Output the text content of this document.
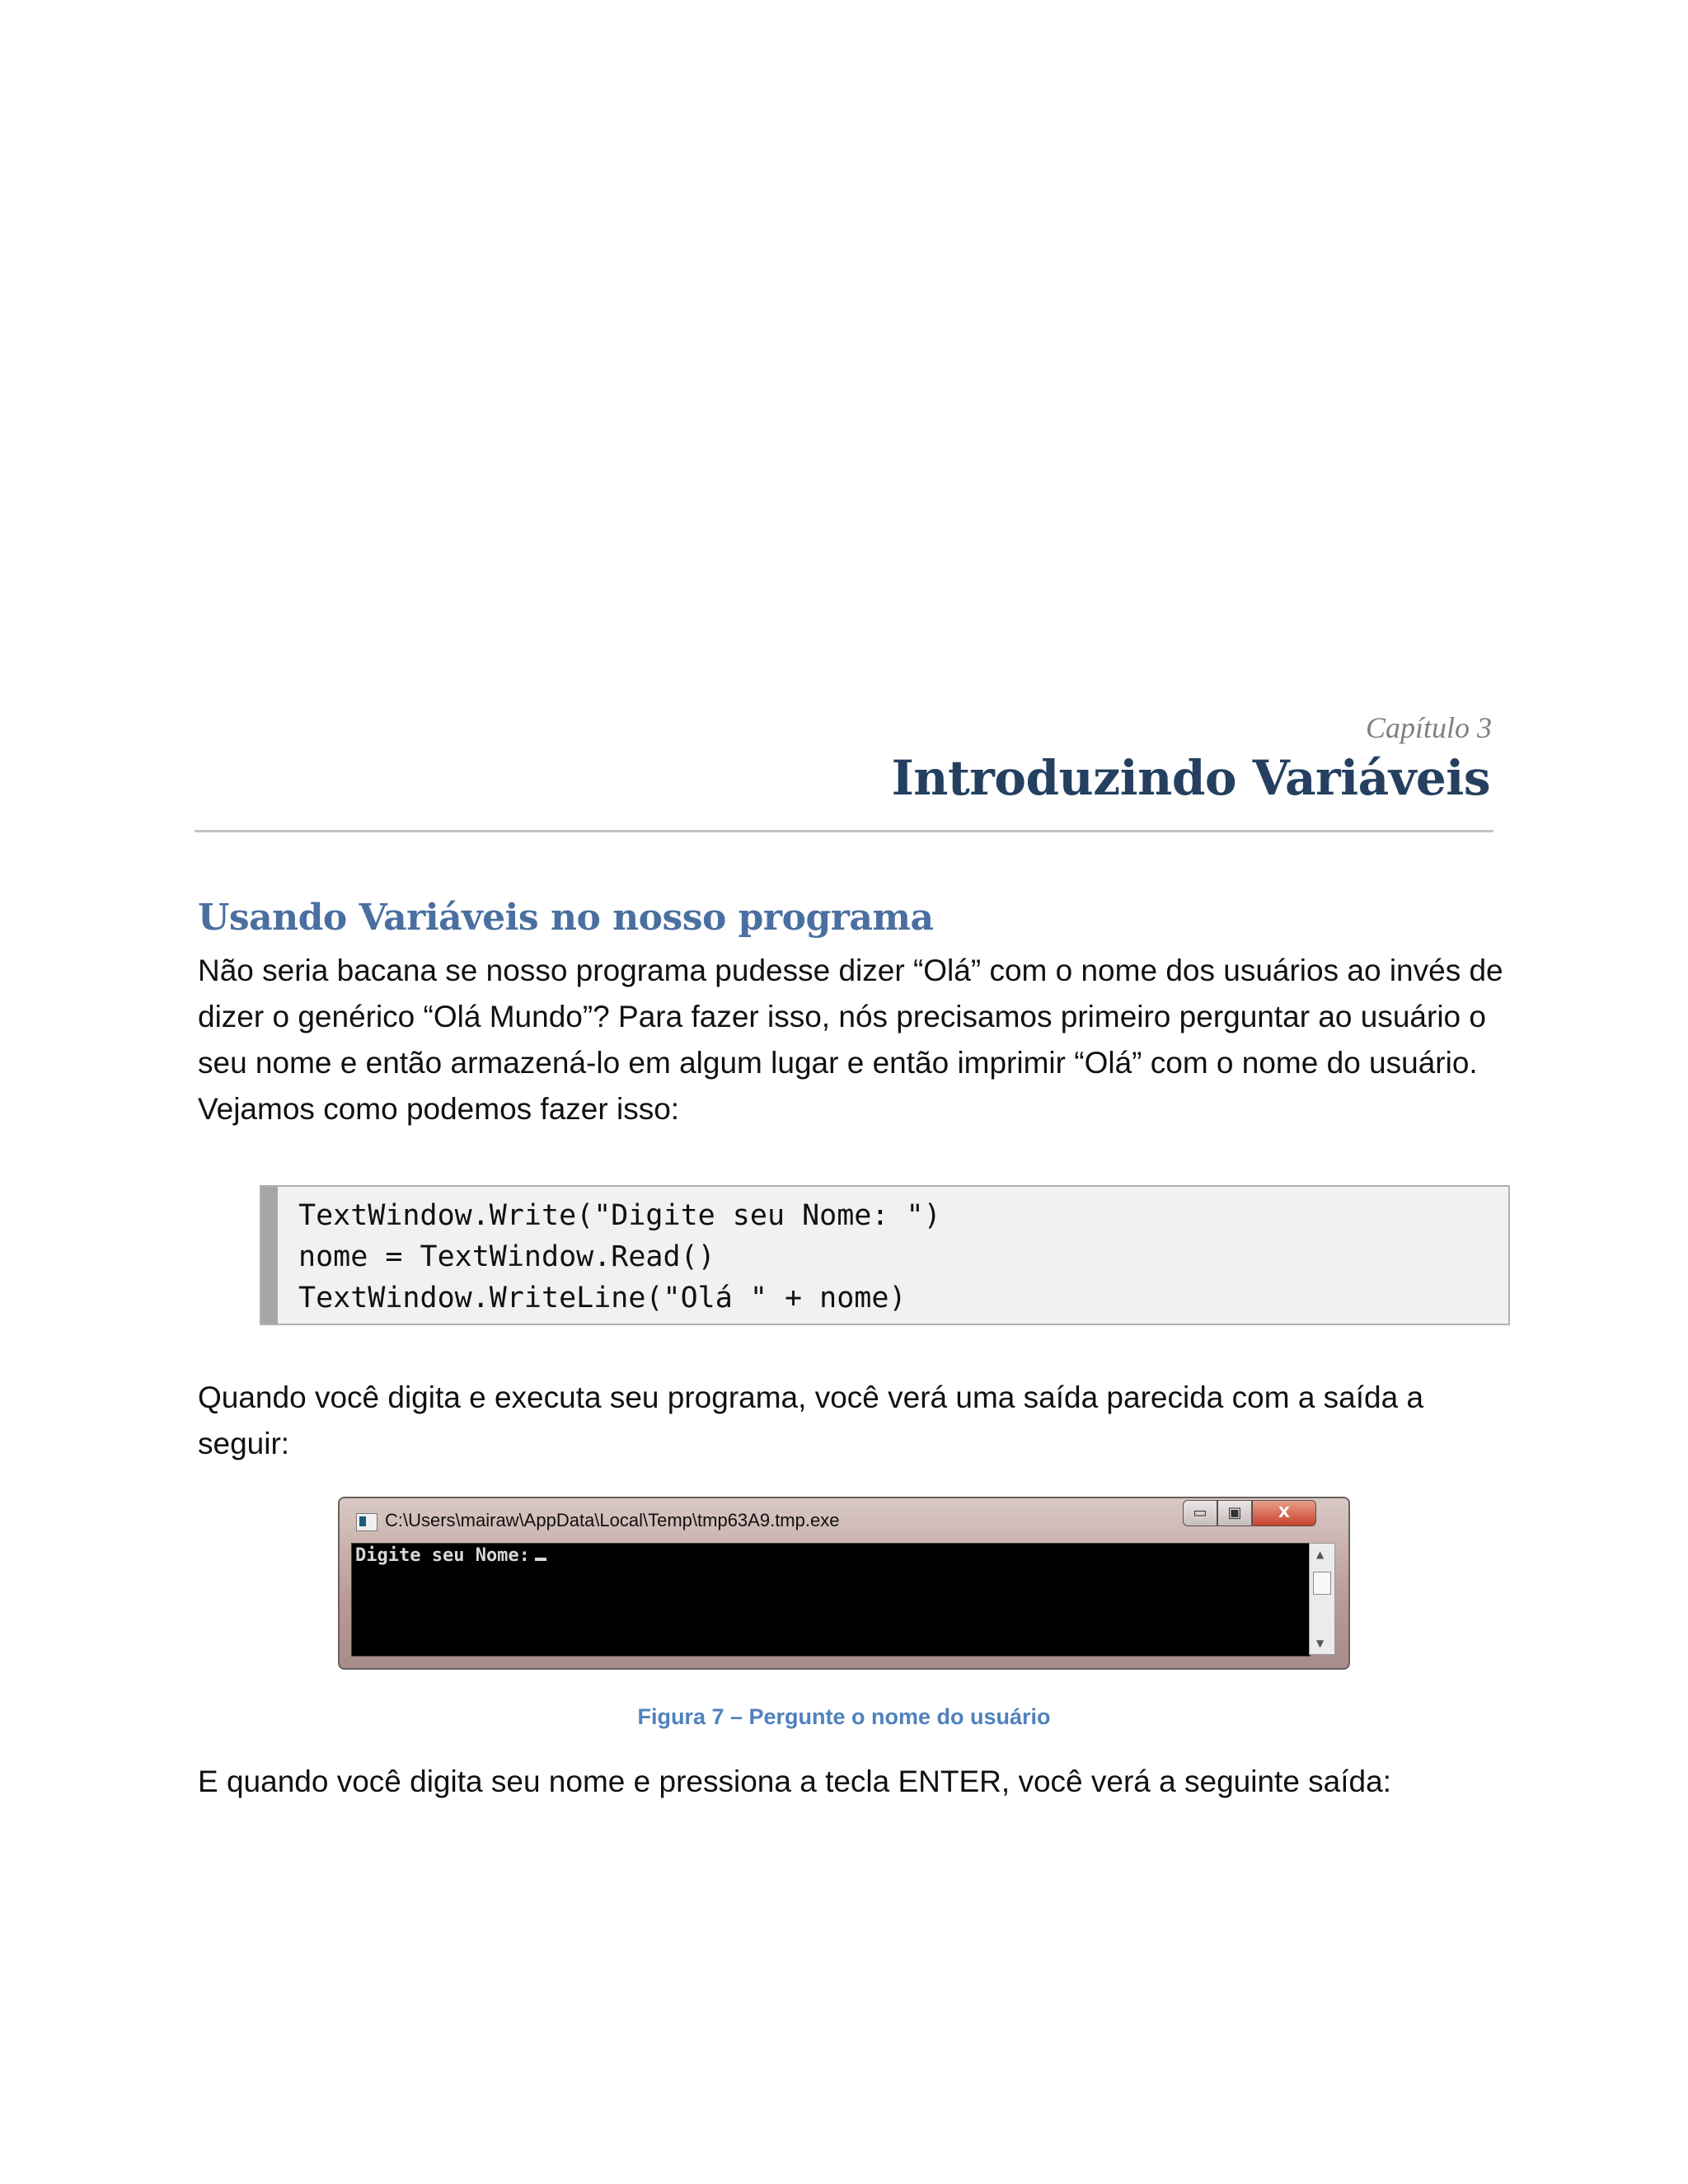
Capítulo 3
Introduzindo Variáveis
Usando Variáveis no nosso programa
Não seria bacana se nosso programa pudesse dizer “Olá” com o nome dos usuários ao invés de dizer o genérico “Olá Mundo”? Para fazer isso, nós precisamos primeiro perguntar ao usuário o seu nome e então armazená-lo em algum lugar e então imprimir “Olá” com o nome do usuário. Vejamos como podemos fazer isso:
TextWindow.Write("Digite seu Nome: ")
nome = TextWindow.Read()
TextWindow.WriteLine("Olá " + nome)
Quando você digita e executa seu programa, você verá uma saída parecida com a saída a seguir:
C:\Users\mairaw\AppData\Local\Temp\tmp63A9.tmp.exe	▭	▣	X
Digite seu Nome:	▲
▼
Figura 7 – Pergunte o nome do usuário
E quando você digita seu nome e pressiona a tecla ENTER, você verá a seguinte saída:
